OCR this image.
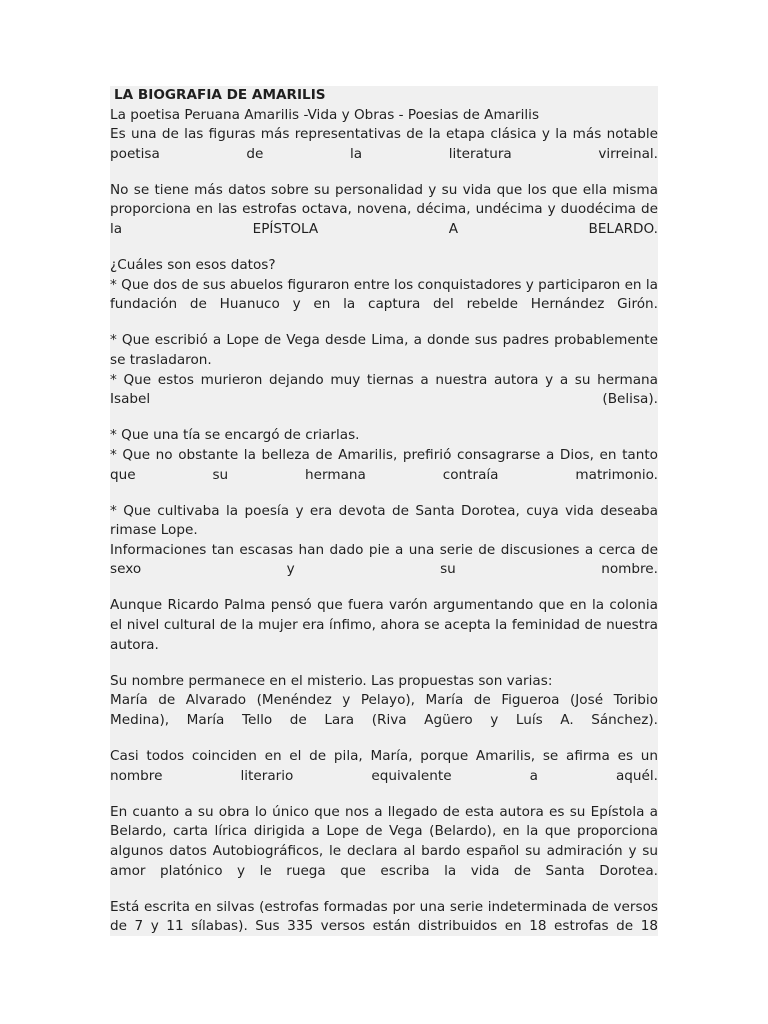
LA BIOGRAFIA DE AMARILIS
La poetisa Peruana Amarilis -Vida y Obras - Poesias de Amarilis
Es una de las figuras más representativas de la etapa clásica y la más notable
poetisa de la literatura virreinal.
No se tiene más datos sobre su personalidad y su vida que los que ella misma
proporciona en las estrofas octava, novena, décima, undécima y duodécima de
la EPÍSTOLA A BELARDO.
¿Cuáles son esos datos?
* Que dos de sus abuelos figuraron entre los conquistadores y participaron en la
fundación de Huanuco y en la captura del rebelde Hernández Girón.
* Que escribió a Lope de Vega desde Lima, a donde sus padres probablemente
se trasladaron.
* Que estos murieron dejando muy tiernas a nuestra autora y a su hermana
Isabel (Belisa).
* Que una tía se encargó de criarlas.
* Que no obstante la belleza de Amarilis, prefirió consagrarse a Dios, en tanto
que su hermana contraía matrimonio.
* Que cultivaba la poesía y era devota de Santa Dorotea, cuya vida deseaba
rimase Lope.
Informaciones tan escasas han dado pie a una serie de discusiones a cerca de
sexo y su nombre.
Aunque Ricardo Palma pensó que fuera varón argumentando que en la colonia
el nivel cultural de la mujer era ínfimo, ahora se acepta la feminidad de nuestra
autora.
Su nombre permanece en el misterio. Las propuestas son varias:
María de Alvarado (Menéndez y Pelayo), María de Figueroa (José Toribio
Medina), María Tello de Lara (Riva Agüero y Luís A. Sánchez).
Casi todos coinciden en el de pila, María, porque Amarilis, se afirma es un
nombre literario equivalente a aquél.
En cuanto a su obra lo único que nos a llegado de esta autora es su Epístola a
Belardo, carta lírica dirigida a Lope de Vega (Belardo), en la que proporciona
algunos datos Autobiográficos, le declara al bardo español su admiración y su
amor platónico y le ruega que escriba la vida de Santa Dorotea.
Está escrita en silvas (estrofas formadas por una serie indeterminada de versos
de 7 y 11 sílabas). Sus 335 versos están distribuidos en 18 estrofas de 18
